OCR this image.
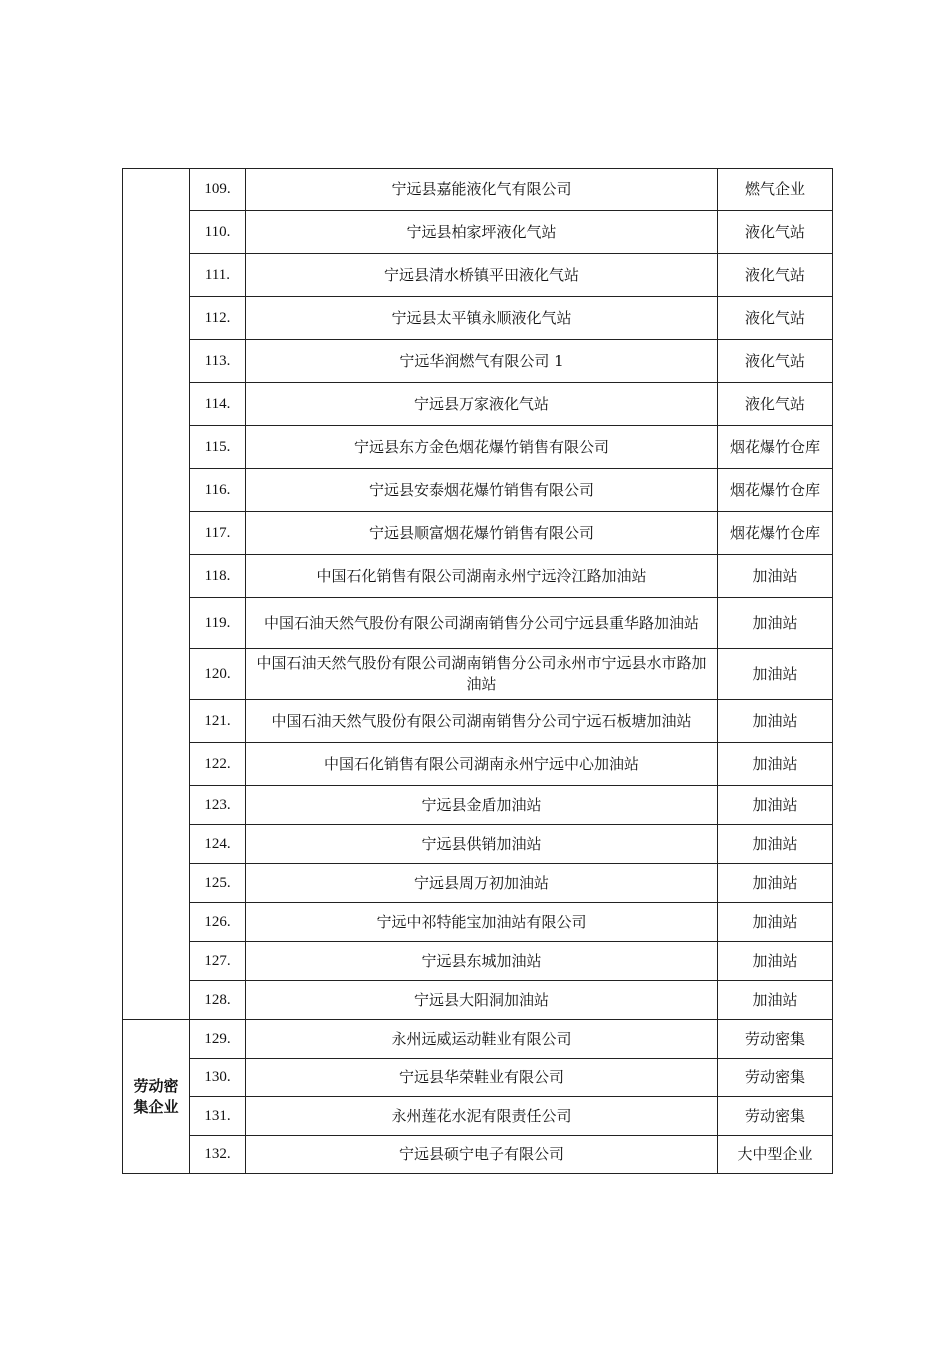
	109.	宁远县嘉能液化气有限公司	燃气企业
	110.	宁远县柏家坪液化气站	液化气站
	111.	宁远县清水桥镇平田液化气站	液化气站
	112.	宁远县太平镇永顺液化气站	液化气站
	113.	宁远华润燃气有限公司 1	液化气站
	114.	宁远县万家液化气站	液化气站
	115.	宁远县东方金色烟花爆竹销售有限公司	烟花爆竹仓库
	116.	宁远县安泰烟花爆竹销售有限公司	烟花爆竹仓库
	117.	宁远县顺富烟花爆竹销售有限公司	烟花爆竹仓库
	118.	中国石化销售有限公司湖南永州宁远泠江路加油站	加油站
	119.	中国石油天然气股份有限公司湖南销售分公司宁远县重华路加油站	加油站
	120.	中国石油天然气股份有限公司湖南销售分公司永州市宁远县水市路加油站	加油站
	121.	中国石油天然气股份有限公司湖南销售分公司宁远石板塘加油站	加油站
	122.	中国石化销售有限公司湖南永州宁远中心加油站	加油站
	123.	宁远县金盾加油站	加油站
	124.	宁远县供销加油站	加油站
	125.	宁远县周万初加油站	加油站
	126.	宁远中祁特能宝加油站有限公司	加油站
	127.	宁远县东城加油站	加油站
	128.	宁远县大阳洞加油站	加油站
劳动密集企业	129.	永州远威运动鞋业有限公司	劳动密集
	130.	宁远县华荣鞋业有限公司	劳动密集
	131.	永州莲花水泥有限责任公司	劳动密集
	132.	宁远县硕宁电子有限公司	大中型企业
